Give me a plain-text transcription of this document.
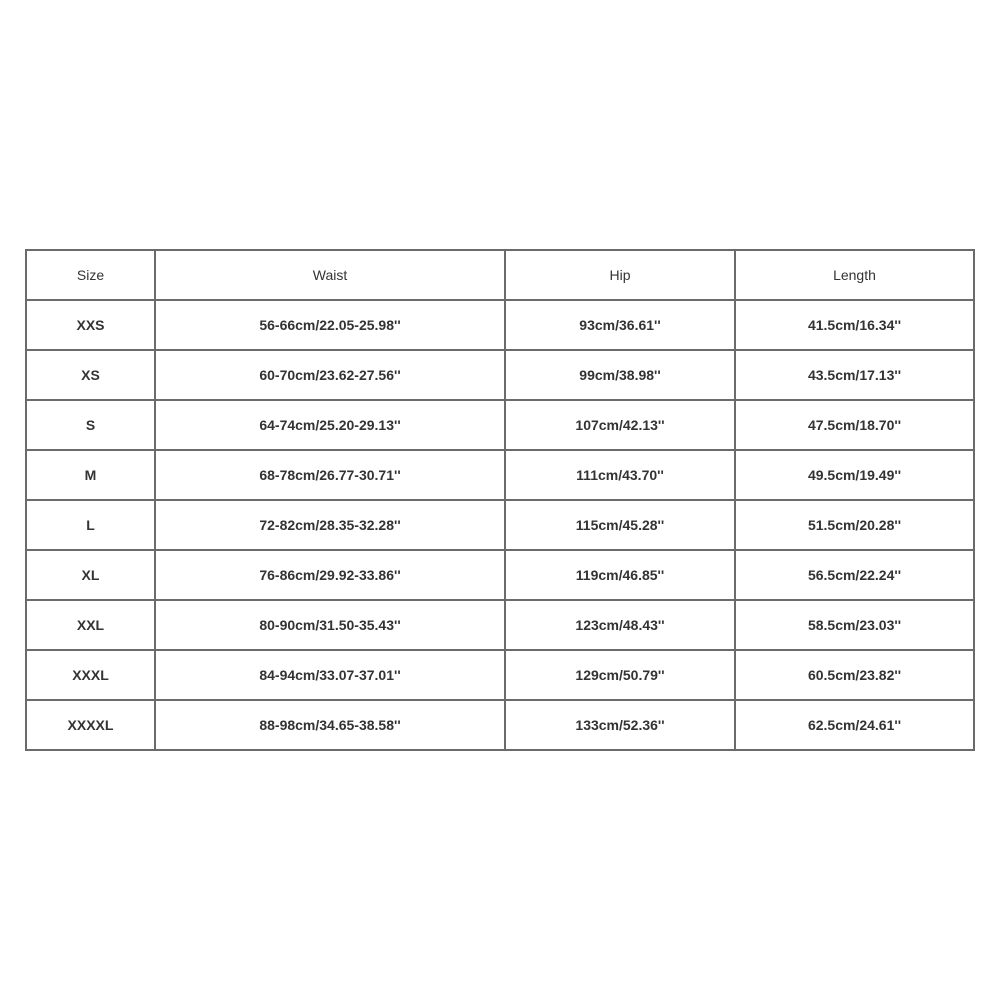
Size	Waist	Hip	Length
XXS	56-66cm/22.05-25.98''	93cm/36.61''	41.5cm/16.34''
XS	60-70cm/23.62-27.56''	99cm/38.98''	43.5cm/17.13''
S	64-74cm/25.20-29.13''	107cm/42.13''	47.5cm/18.70''
M	68-78cm/26.77-30.71''	111cm/43.70''	49.5cm/19.49''
L	72-82cm/28.35-32.28''	115cm/45.28''	51.5cm/20.28''
XL	76-86cm/29.92-33.86''	119cm/46.85''	56.5cm/22.24''
XXL	80-90cm/31.50-35.43''	123cm/48.43''	58.5cm/23.03''
XXXL	84-94cm/33.07-37.01''	129cm/50.79''	60.5cm/23.82''
XXXXL	88-98cm/34.65-38.58''	133cm/52.36''	62.5cm/24.61''
